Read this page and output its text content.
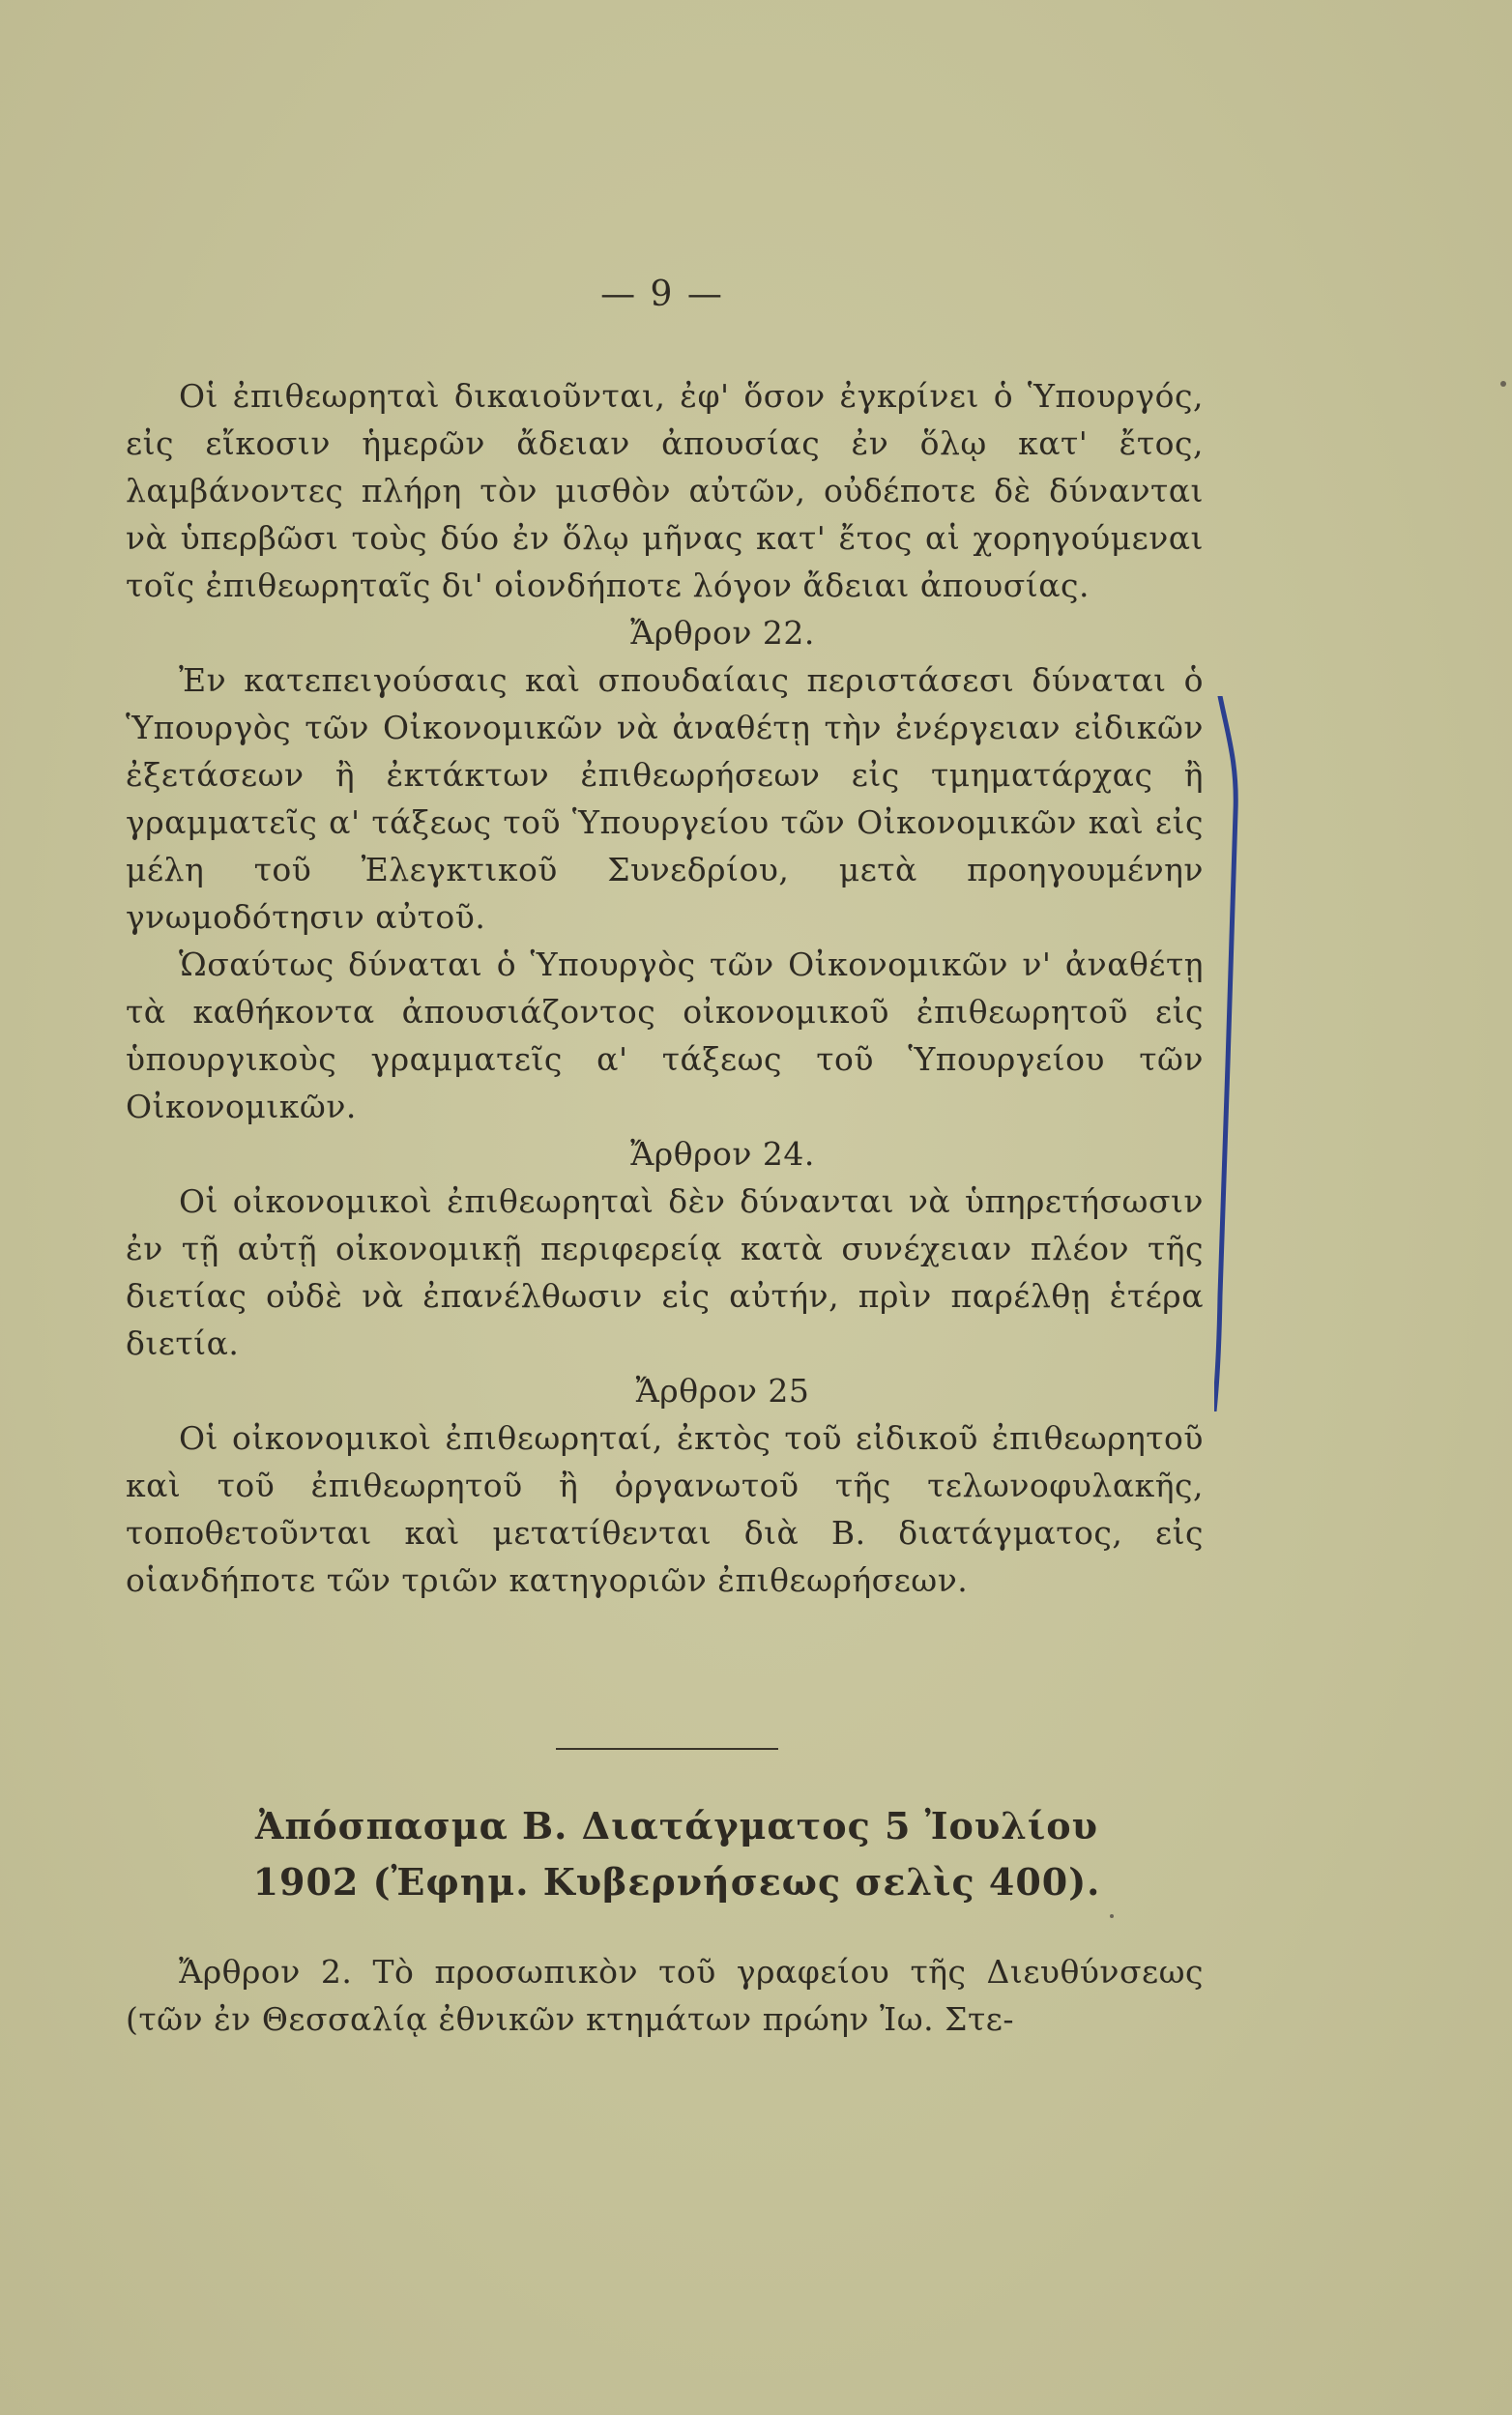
— 9 —

Οἱ ἐπιθεωρηταὶ δικαιοῦνται, ἐφ' ὅσον ἐγκρίνει ὁ Ὑπουργός, εἰς εἴκοσιν ἡμερῶν ἄδειαν ἀπουσίας ἐν ὅλῳ κατ' ἔτος, λαμβάνοντες πλήρη τὸν μισθὸν αὐτῶν, οὐδέποτε δὲ δύνανται νὰ ὑπερβῶσι τοὺς δύο ἐν ὅλῳ μῆνας κατ' ἔτος αἱ χορηγούμεναι τοῖς ἐπιθεωρηταῖς δι' οἱονδήποτε λόγον ἄδειαι ἀπουσίας.

Ἄρθρον 22.

Ἐν κατεπειγούσαις καὶ σπουδαίαις περιστάσεσι δύναται ὁ Ὑπουργὸς τῶν Οἰκονομικῶν νὰ ἀναθέτῃ τὴν ἐνέργειαν εἰδικῶν ἐξετάσεων ἢ ἐκτάκτων ἐπιθεωρήσεων εἰς τμηματάρχας ἢ γραμματεῖς α' τάξεως τοῦ Ὑπουργείου τῶν Οἰκονομικῶν καὶ εἰς μέλη τοῦ Ἐλεγκτικοῦ Συνεδρίου, μετὰ προηγουμένην γνωμοδότησιν αὐτοῦ.

Ὡσαύτως δύναται ὁ Ὑπουργὸς τῶν Οἰκονομικῶν ν' ἀναθέτῃ τὰ καθήκοντα ἀπουσιάζοντος οἰκονομικοῦ ἐπιθεωρητοῦ εἰς ὑπουργικοὺς γραμματεῖς α' τάξεως τοῦ Ὑπουργείου τῶν Οἰκονομικῶν.

Ἄρθρον 24.

Οἱ οἰκονομικοὶ ἐπιθεωρηταὶ δὲν δύνανται νὰ ὑπηρετήσωσιν ἐν τῇ αὐτῇ οἰκονομικῇ περιφερείᾳ κατὰ συνέχειαν πλέον τῆς διετίας οὐδὲ νὰ ἐπανέλθωσιν εἰς αὐτήν, πρὶν παρέλθῃ ἑτέρα διετία.

Ἄρθρον 25

Οἱ οἰκονομικοὶ ἐπιθεωρηταί, ἐκτὸς τοῦ εἰδικοῦ ἐπιθεωρητοῦ καὶ τοῦ ἐπιθεωρητοῦ ἢ ὀργανωτοῦ τῆς τελωνοφυλακῆς, τοποθετοῦνται καὶ μετατίθενται διὰ Β. διατάγματος, εἰς οἱανδήποτε τῶν τριῶν κατηγοριῶν ἐπιθεωρήσεων.

Ἀπόσπασμα Β. Διατάγματος 5 Ἰουλίου
1902 (Ἐφημ. Κυβερνήσεως σελὶς 400).

Ἄρθρον 2. Τὸ προσωπικὸν τοῦ γραφείου τῆς Διευθύνσεως (τῶν ἐν Θεσσαλίᾳ ἐθνικῶν κτημάτων πρώην Ἰω. Στε-
